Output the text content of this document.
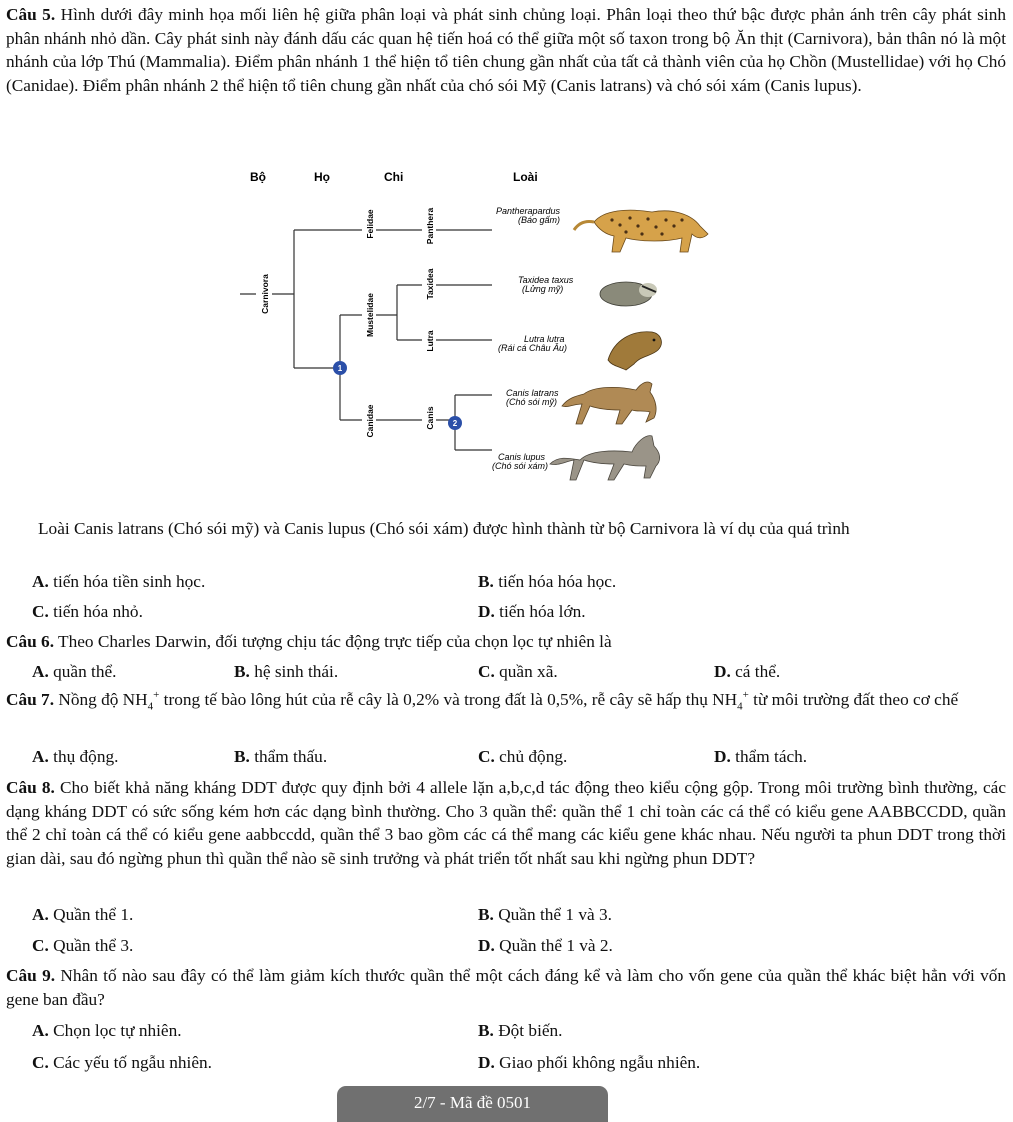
Câu 5. Hình dưới đây minh họa mối liên hệ giữa phân loại và phát sinh chủng loại. Phân loại theo thứ bậc được phản ánh trên cây phát sinh phân nhánh nhỏ dần. Cây phát sinh này đánh dấu các quan hệ tiến hoá có thể giữa một số taxon trong bộ Ăn thịt (Carnivora), bản thân nó là một nhánh của lớp Thú (Mammalia). Điểm phân nhánh 1 thể hiện tổ tiên chung gần nhất của tất cả thành viên của họ Chồn (Mustellidae) với họ Chó (Canidae). Điểm phân nhánh 2 thể hiện tổ tiên chung gần nhất của chó sói Mỹ (Canis latrans) và chó sói xám (Canis lupus).
Bộ	Họ	Chi	Loài
Carnivora
Felidae
Mustelidae
Canidae
Panthera
Taxidea
Lutra
Canis
1
2
Pantherapardus
(Báo gấm)
Taxidea taxus
(Lửng mỹ)
Lutra lutra
(Rái cá Châu Âu)
Canis latrans
(Chó sói mỹ)
Canis lupus
(Chó sói xám)
Loài Canis latrans (Chó sói mỹ) và Canis lupus (Chó sói xám) được hình thành từ bộ Carnivora là ví dụ của quá trình
A. tiến hóa tiền sinh học.	B. tiến hóa hóa học.
C. tiến hóa nhỏ.	D. tiến hóa lớn.
Câu 6. Theo Charles Darwin, đối tượng chịu tác động trực tiếp của chọn lọc tự nhiên là
A. quần thể.	B. hệ sinh thái.	C. quần xã.	D. cá thể.
Câu 7. Nồng độ $NH_4^+$ trong tế bào lông hút của rễ cây là 0,2% và trong đất là 0,5%, rễ cây sẽ hấp thụ $NH_4^+$ từ môi trường đất theo cơ chế
A. thụ động.	B. thẩm thấu.	C. chủ động.	D. thẩm tách.
Câu 8. Cho biết khả năng kháng DDT được quy định bởi 4 allele lặn a,b,c,d tác động theo kiểu cộng gộp. Trong môi trường bình thường, các dạng kháng DDT có sức sống kém hơn các dạng bình thường. Cho 3 quần thể: quần thể 1 chỉ toàn các cá thể có kiểu gene AABBCCDD, quần thể 2 chỉ toàn cá thể có kiểu gene aabbccdd, quần thể 3 bao gồm các cá thể mang các kiểu gene khác nhau. Nếu người ta phun DDT trong thời gian dài, sau đó ngừng phun thì quần thể nào sẽ sinh trưởng và phát triển tốt nhất sau khi ngừng phun DDT?
A. Quần thể 1.	B. Quần thể 1 và 3.
C. Quần thể 3.	D. Quần thể 1 và 2.
Câu 9. Nhân tố nào sau đây có thể làm giảm kích thước quần thể một cách đáng kể và làm cho vốn gene của quần thể khác biệt hẳn với vốn gene ban đầu?
A. Chọn lọc tự nhiên.	B. Đột biến.
C. Các yếu tố ngẫu nhiên.	D. Giao phối không ngẫu nhiên.
2/7 - Mã đề 0501
